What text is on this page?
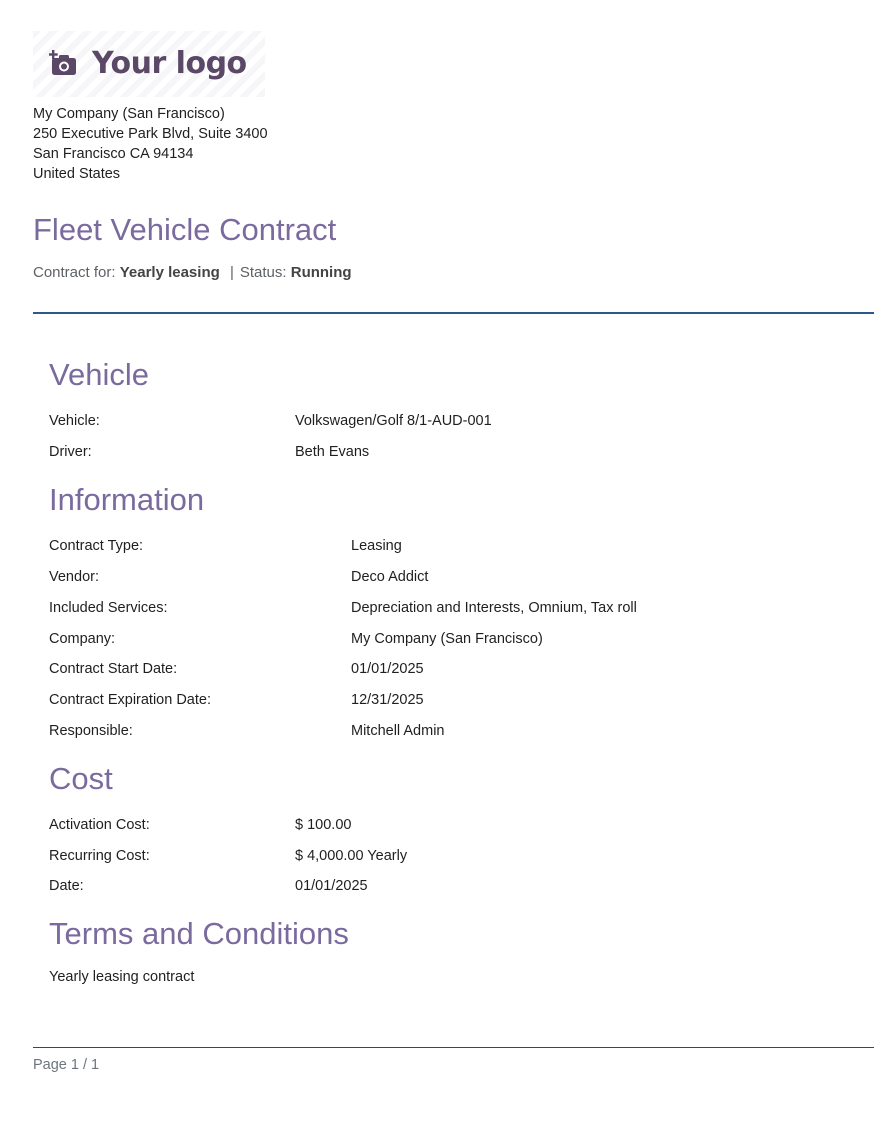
Your logo
My Company (San Francisco)
250 Executive Park Blvd, Suite 3400
San Francisco CA 94134
United States
Fleet Vehicle Contract
Contract for: Yearly leasing | Status: Running
Vehicle
Vehicle:	Volkswagen/Golf 8/1-AUD-001
Driver:	Beth Evans
Information
Contract Type:	Leasing
Vendor:	Deco Addict
Included Services:	Depreciation and Interests, Omnium, Tax roll
Company:	My Company (San Francisco)
Contract Start Date:	01/01/2025
Contract Expiration Date:	12/31/2025
Responsible:	Mitchell Admin
Cost
Activation Cost:	$ 100.00
Recurring Cost:	$ 4,000.00 Yearly
Date:	01/01/2025
Terms and Conditions
Yearly leasing contract
Page 1 / 1
